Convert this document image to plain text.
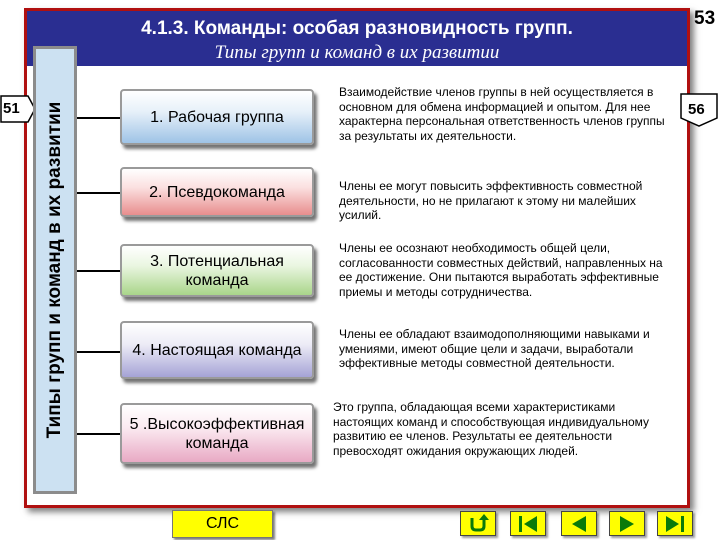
4.1.3. Команды: особая разновидность групп.
Типы групп и команд в их развитии
53
51	56
Типы групп и команд в их развитии	1. Рабочая группа
2. Псевдокоманда
3. Потенциальная команда
4. Настоящая команда
5 .Высокоэффективная команда
Взаимодействие членов группы в ней осуществляется в основном для обмена информацией и опытом. Для нее характерна персональная ответственность членов группы за результаты их деятельности.
Члены ее могут повысить эффективность совместной деятельности, но не прилагают к этому ни малейших усилий.
Члены ее осознают необходимость общей цели, согласованности совместных действий, направленных на ее достижение. Они пытаются выработать эффективные приемы и методы сотрудничества.
Члены ее обладают взаимодополняющими навыками и умениями, имеют общие цели и задачи, выработали эффективные методы совместной деятельности.
Это группа, обладающая всеми характеристиками настоящих команд и способствующая индивидуальному развитию ее членов. Результаты ее деятельности превосходят ожидания окружающих людей.
СЛС
